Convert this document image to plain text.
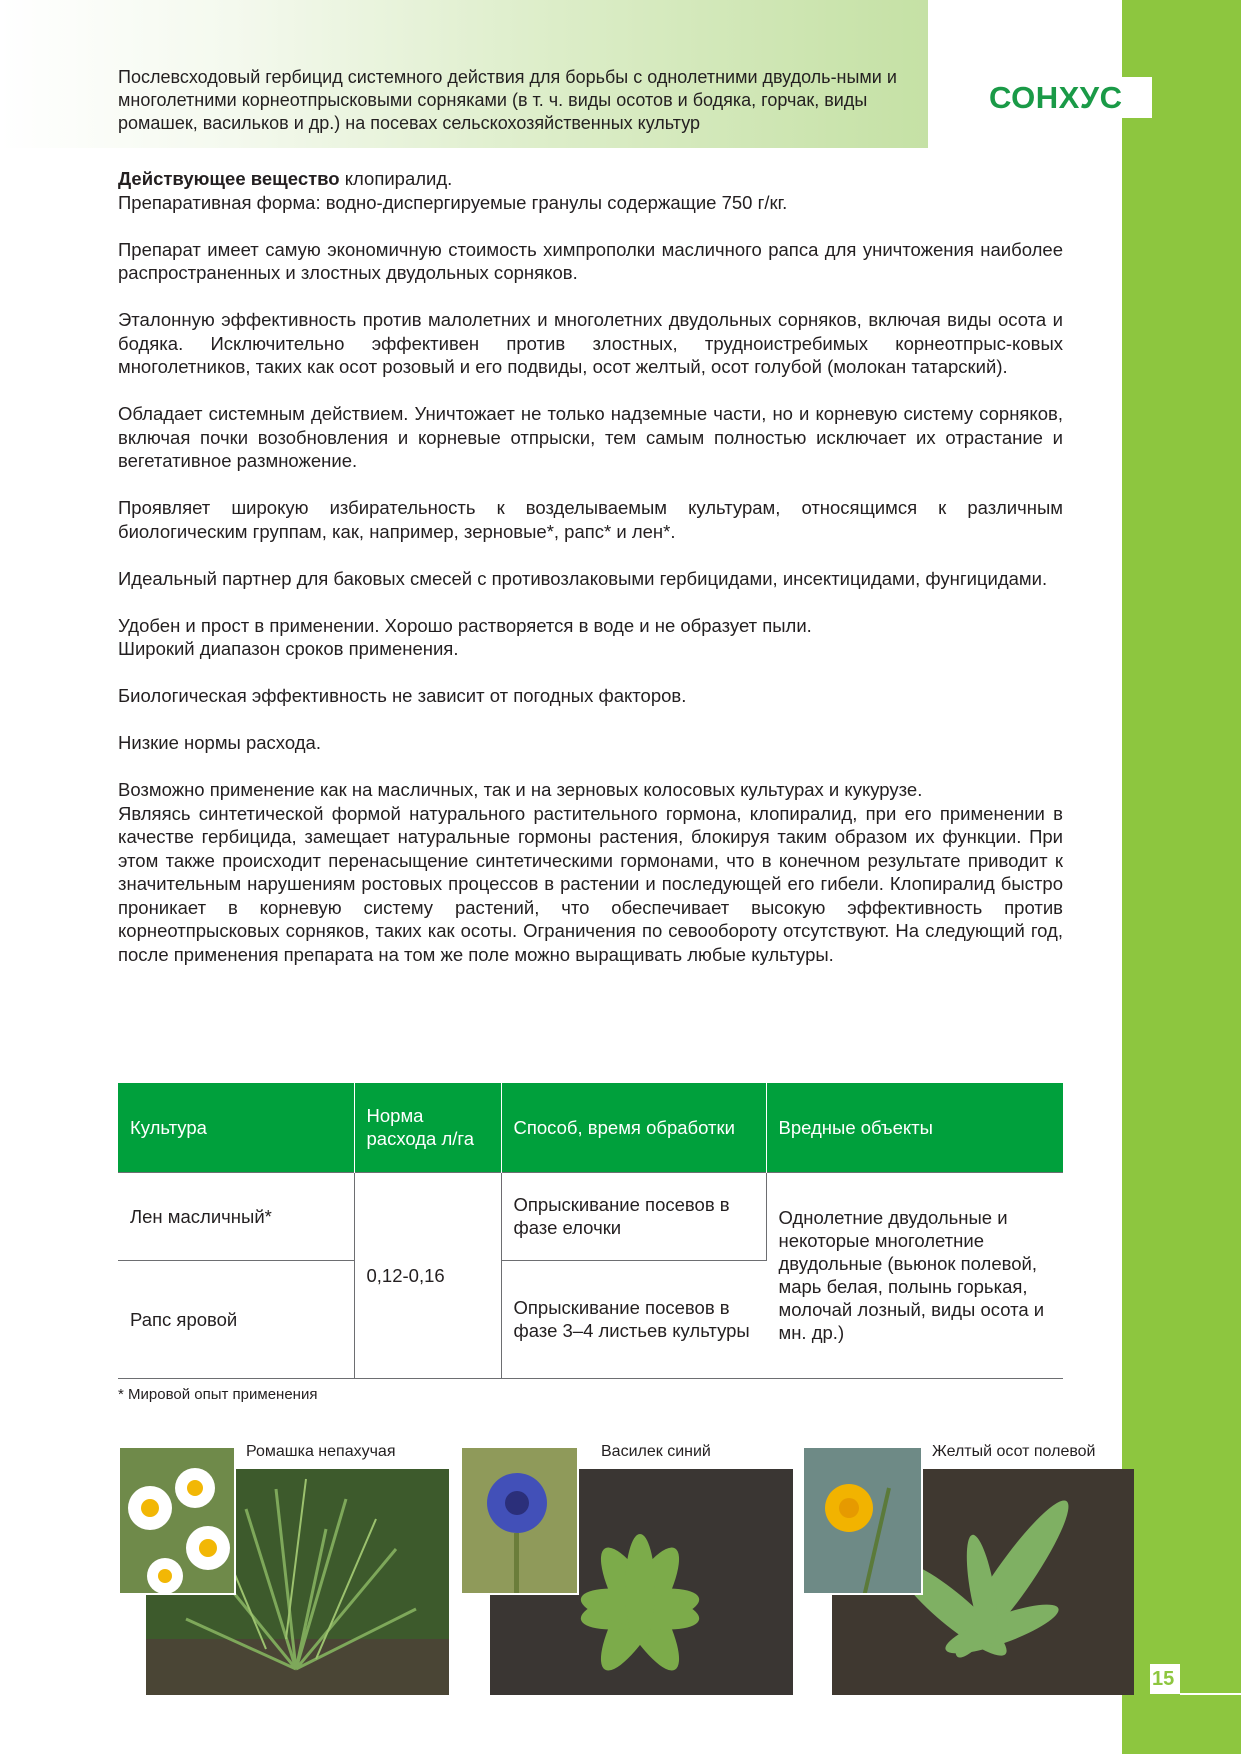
Послевсходовый гербицид системного действия для борьбы с однолетними двудоль-ными и многолетними корнеотпрысковыми сорняками (в т. ч. виды осотов и бодяка, горчак, виды ромашек, васильков и др.) на посевах сельскохозяйственных культур
СОНХУС

Действующее вещество клопиралид.

Препаративная форма: водно-диспергируемые гранулы содержащие 750 г/кг.

Препарат имеет самую экономичную стоимость химпрополки масличного рапса для уничтожения наиболее распространенных и злостных двудольных сорняков.

Эталонную эффективность против малолетних и многолетних двудольных сорняков, включая виды осота и бодяка. Исключительно эффективен против злостных, трудноистребимых корнеотпрыс-ковых многолетников, таких как осот розовый и его подвиды, осот желтый, осот голубой (молокан татарский).

Обладает системным действием. Уничтожает не только надземные части, но и корневую систему сорняков, включая почки возобновления и корневые отпрыски, тем самым полностью исключает их отрастание и вегетативное размножение.

Проявляет широкую избирательность к возделываемым культурам, относящимся к различным биологическим группам, как, например, зерновые*, рапс* и лен*.

Идеальный партнер для баковых смесей с противозлаковыми гербицидами, инсектицидами, фунгицидами.

Удобен и прост в применении. Хорошо растворяется в воде и не образует пыли.

Широкий диапазон сроков применения.

Биологическая эффективность не зависит от погодных факторов.

Низкие нормы расхода.

Возможно применение как на масличных, так и на зерновых колосовых культурах и кукурузе.

Являясь синтетической формой натурального растительного гормона, клопиралид, при его применении в качестве гербицида, замещает натуральные гормоны растения, блокируя таким образом их функции. При этом также происходит перенасыщение синтетическими гормонами, что в конечном результате приводит к значительным нарушениям ростовых процессов в растении и последующей его гибели. Клопиралид быстро проникает в корневую систему растений, что обеспечивает высокую эффективность против корнеотпрысковых сорняков, таких как осоты. Ограничения по севообороту отсутствуют. На следующий год, после применения препарата на том же поле можно выращивать любые культуры.

Культура	Норма расхода л/га	Способ, время обработки	Вредные объекты
Лен масличный*	0,12-0,16	Опрыскивание посевов в фазе елочки	Однолетние двудольные и некоторые многолетние двудольные (вьюнок полевой, марь белая, полынь горькая, молочай лозный, виды осота и мн. др.)
Рапс яровой		Опрыскивание посевов в фазе 3–4 листьев культуры	
* Мировой опыт применения
Ромашка непахучая	Василек синий	Желтый осот полевой
15
